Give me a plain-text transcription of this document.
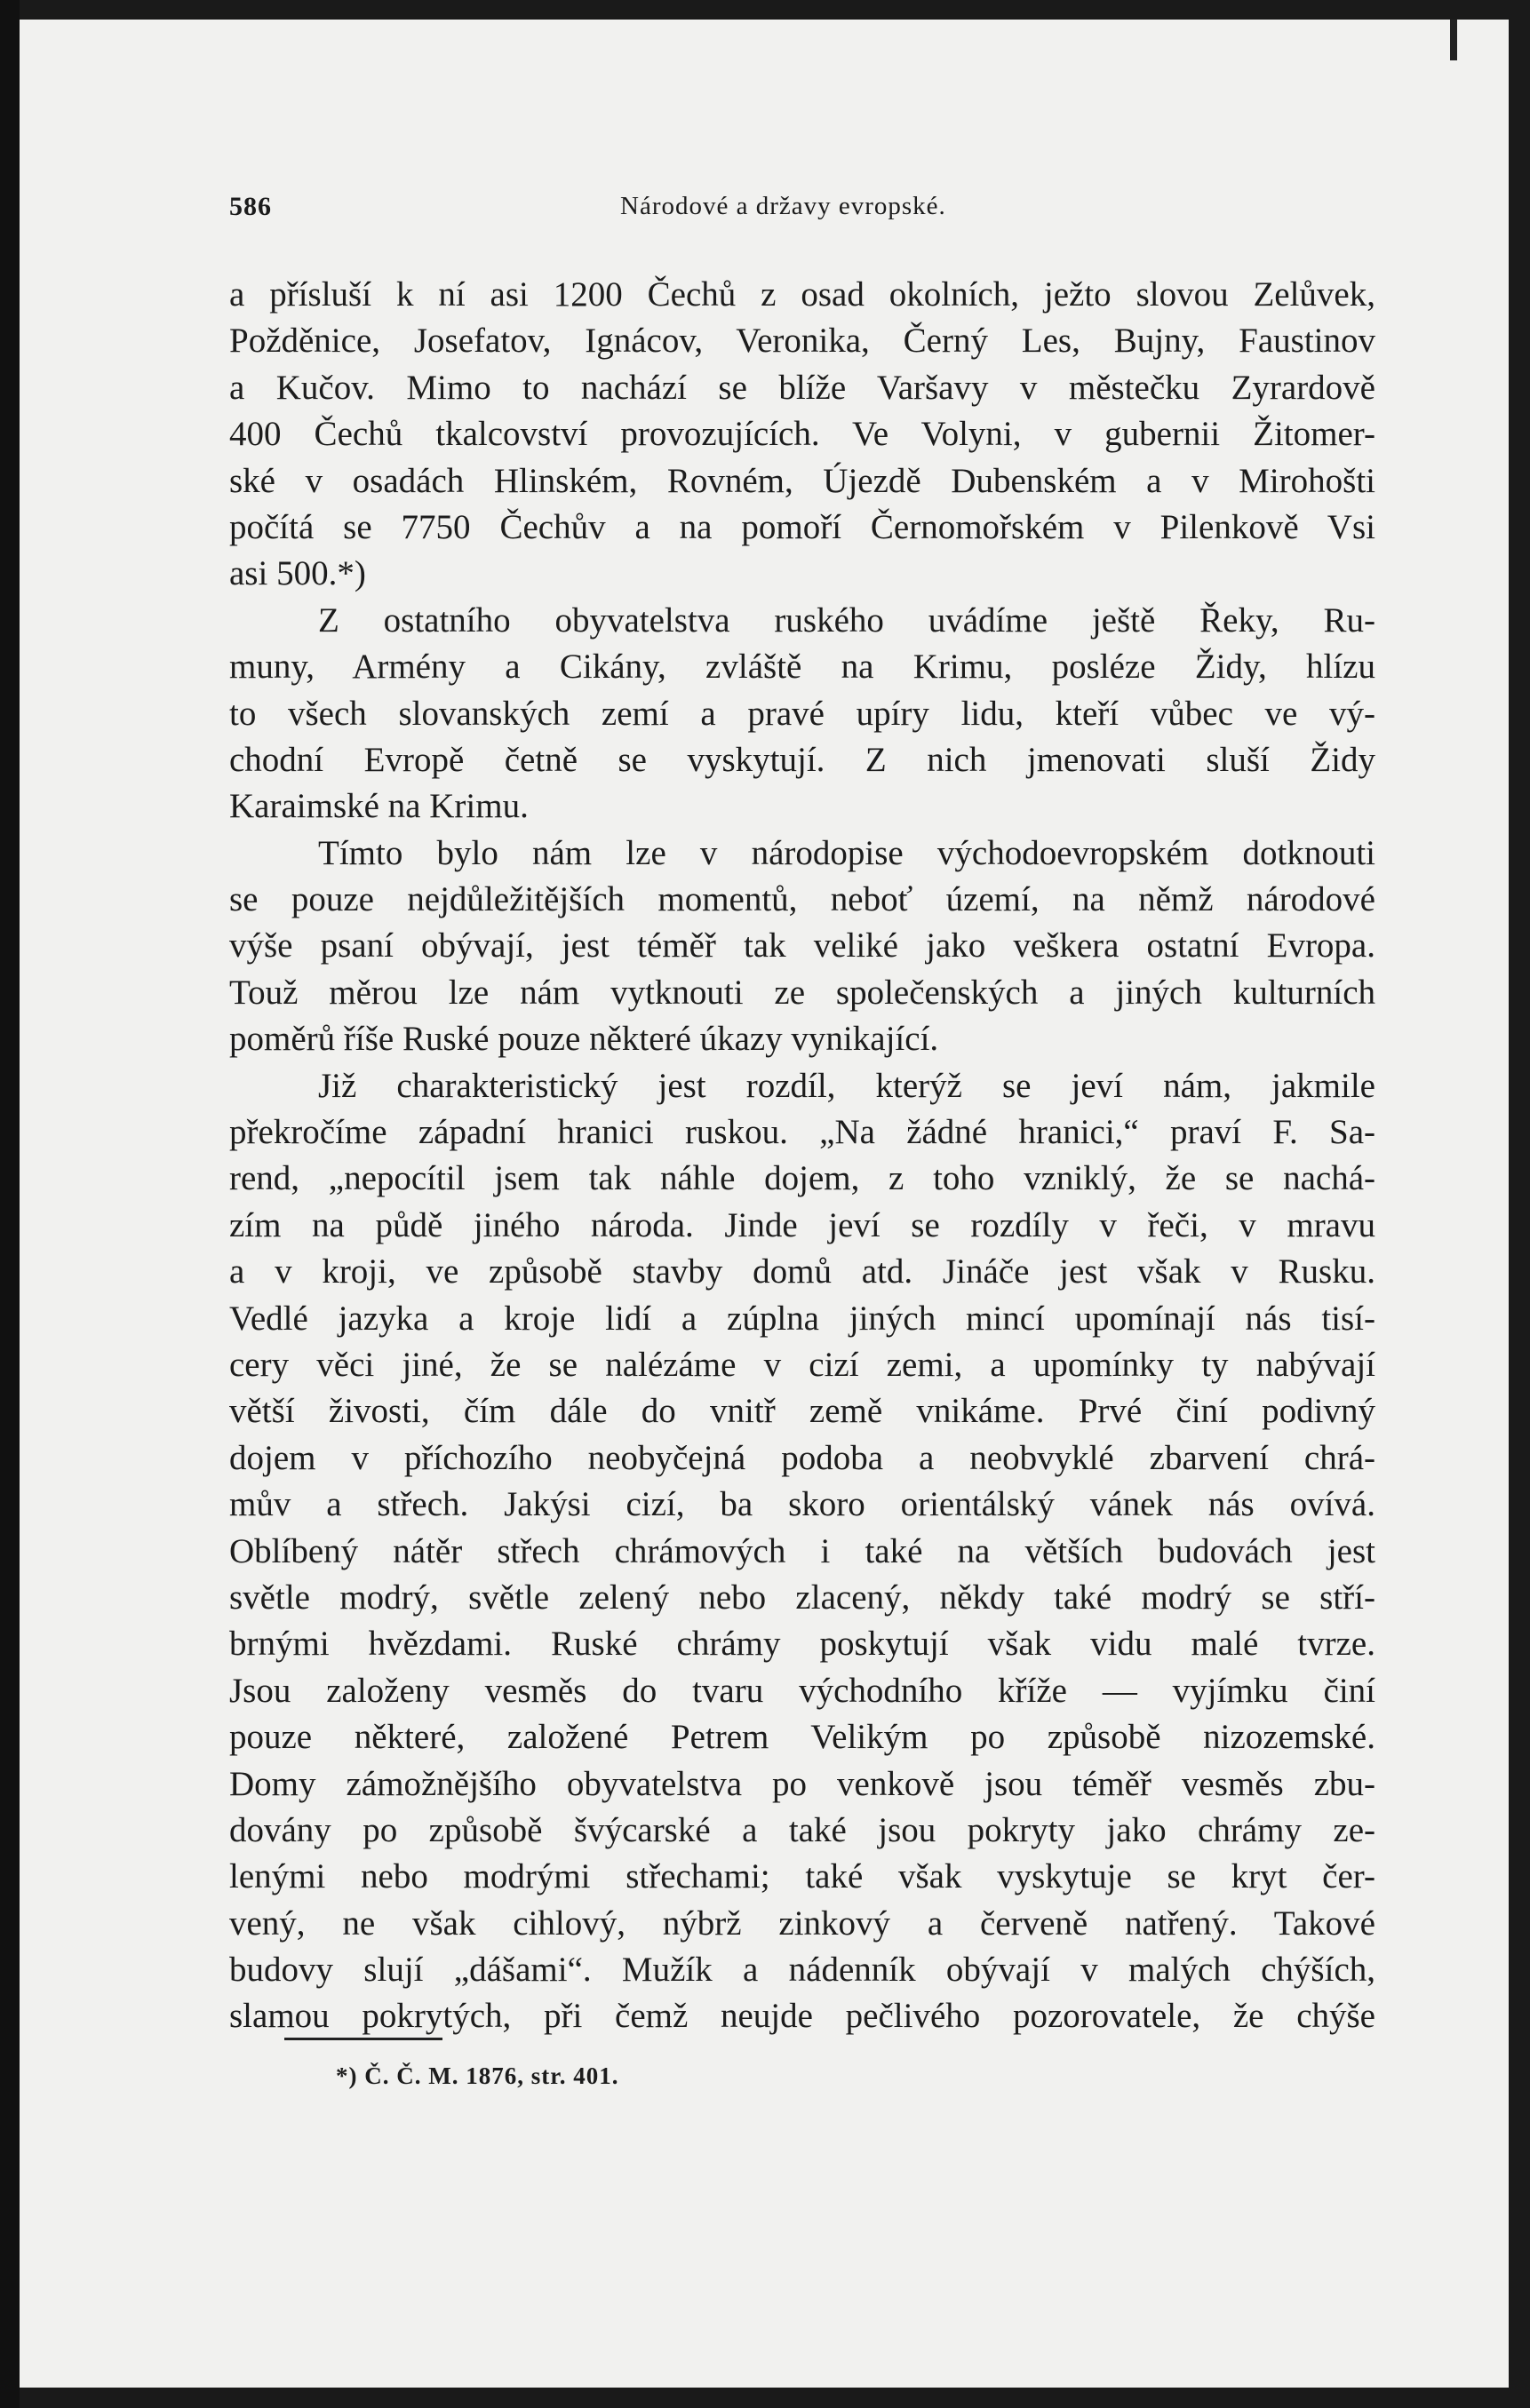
586	Národové a državy evropské.
a přísluší k ní asi 1200 Čechů z osad okolních, ježto slovou Zelůvek,
Požděnice, Josefatov, Ignácov, Veronika, Černý Les, Bujny, Faustinov
a Kučov. Mimo to nachází se blíže Varšavy v městečku Zyrardově
400 Čechů tkalcovství provozujících. Ve Volyni, v gubernii Žitomer-
ské v osadách Hlinském, Rovném, Újezdě Dubenském a v Mirohošti
počítá se 7750 Čechův a na pomoří Černomořském v Pilenkově Vsi
asi 500.*)
Z ostatního obyvatelstva ruského uvádíme ještě Řeky, Ru-
muny, Armény a Cikány, zvláště na Krimu, posléze Židy, hlízu
to všech slovanských zemí a pravé upíry lidu, kteří vůbec ve vý-
chodní Evropě četně se vyskytují. Z nich jmenovati sluší Židy
Karaimské na Krimu.
Tímto bylo nám lze v národopise východoevropském dotknouti
se pouze nejdůležitějších momentů, neboť území, na němž národové
výše psaní obývají, jest téměř tak veliké jako veškera ostatní Evropa.
Touž měrou lze nám vytknouti ze společenských a jiných kulturních
poměrů říše Ruské pouze některé úkazy vynikající.
Již charakteristický jest rozdíl, kterýž se jeví nám, jakmile
překročíme západní hranici ruskou. „Na žádné hranici,“ praví F. Sa-
rend, „nepocítil jsem tak náhle dojem, z toho vzniklý, že se nachá-
zím na půdě jiného národa. Jinde jeví se rozdíly v řeči, v mravu
a v kroji, ve způsobě stavby domů atd. Jináče jest však v Rusku.
Vedlé jazyka a kroje lidí a zúplna jiných mincí upomínají nás tisí-
cery věci jiné, že se nalézáme v cizí zemi, a upomínky ty nabývají
větší živosti, čím dále do vnitř země vnikáme. Prvé činí podivný
dojem v příchozího neobyčejná podoba a neobvyklé zbarvení chrá-
mův a střech. Jakýsi cizí, ba skoro orientálský vánek nás ovívá.
Oblíbený nátěr střech chrámových i také na větších budovách jest
světle modrý, světle zelený nebo zlacený, někdy také modrý se stří-
brnými hvězdami. Ruské chrámy poskytují však vidu malé tvrze.
Jsou založeny vesměs do tvaru východního kříže — vyjímku činí
pouze některé, založené Petrem Velikým po způsobě nizozemské.
Domy zámožnějšího obyvatelstva po venkově jsou téměř vesměs zbu-
dovány po způsobě švýcarské a také jsou pokryty jako chrámy ze-
lenými nebo modrými střechami; také však vyskytuje se kryt čer-
vený, ne však cihlový, nýbrž zinkový a červeně natřený. Takové
budovy slují „dášami“. Mužík a nádenník obývají v malých chýších,
slamou pokrytých, při čemž neujde pečlivého pozorovatele, že chýše
*) Č. Č. M. 1876, str. 401.
